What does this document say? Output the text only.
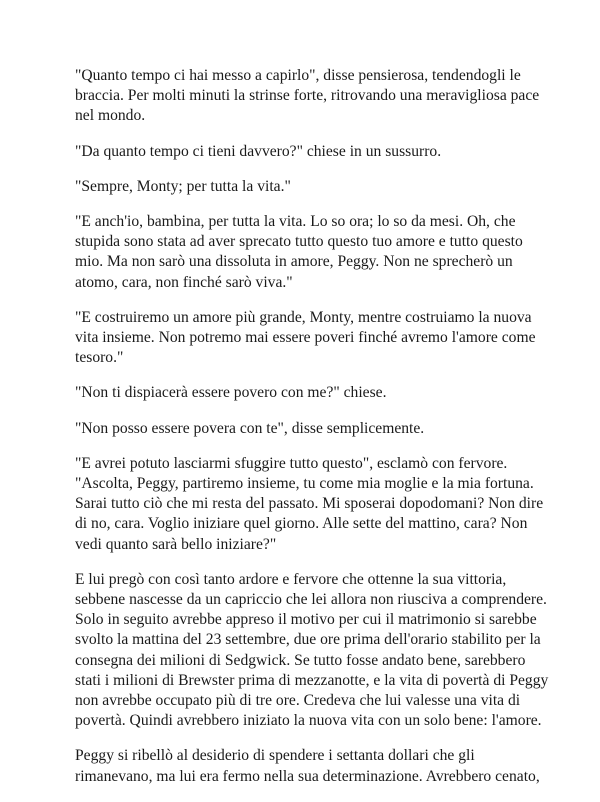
"Quanto tempo ci hai messo a capirlo", disse pensierosa, tendendogli le
braccia. Per molti minuti la strinse forte, ritrovando una meravigliosa pace
nel mondo.

"Da quanto tempo ci tieni davvero?" chiese in un sussurro.

"Sempre, Monty; per tutta la vita."

"E anch'io, bambina, per tutta la vita. Lo so ora; lo so da mesi. Oh, che
stupida sono stata ad aver sprecato tutto questo tuo amore e tutto questo
mio. Ma non sarò una dissoluta in amore, Peggy. Non ne sprecherò un
atomo, cara, non finché sarò viva."

"E costruiremo un amore più grande, Monty, mentre costruiamo la nuova
vita insieme. Non potremo mai essere poveri finché avremo l'amore come
tesoro."

"Non ti dispiacerà essere povero con me?" chiese.

"Non posso essere povera con te", disse semplicemente.

"E avrei potuto lasciarmi sfuggire tutto questo", esclamò con fervore.
"Ascolta, Peggy, partiremo insieme, tu come mia moglie e la mia fortuna.
Sarai tutto ciò che mi resta del passato. Mi sposerai dopodomani? Non dire
di no, cara. Voglio iniziare quel giorno. Alle sette del mattino, cara? Non
vedi quanto sarà bello iniziare?"

E lui pregò con così tanto ardore e fervore che ottenne la sua vittoria,
sebbene nascesse da un capriccio che lei allora non riusciva a comprendere.
Solo in seguito avrebbe appreso il motivo per cui il matrimonio si sarebbe
svolto la mattina del 23 settembre, due ore prima dell'orario stabilito per la
consegna dei milioni di Sedgwick. Se tutto fosse andato bene, sarebbero
stati i milioni di Brewster prima di mezzanotte, e la vita di povertà di Peggy
non avrebbe occupato più di tre ore. Credeva che lui valesse una vita di
povertà. Quindi avrebbero iniziato la nuova vita con un solo bene: l'amore.

Peggy si ribellò al desiderio di spendere i settanta dollari che gli
rimanevano, ma lui era fermo nella sua determinazione. Avrebbero cenato,
